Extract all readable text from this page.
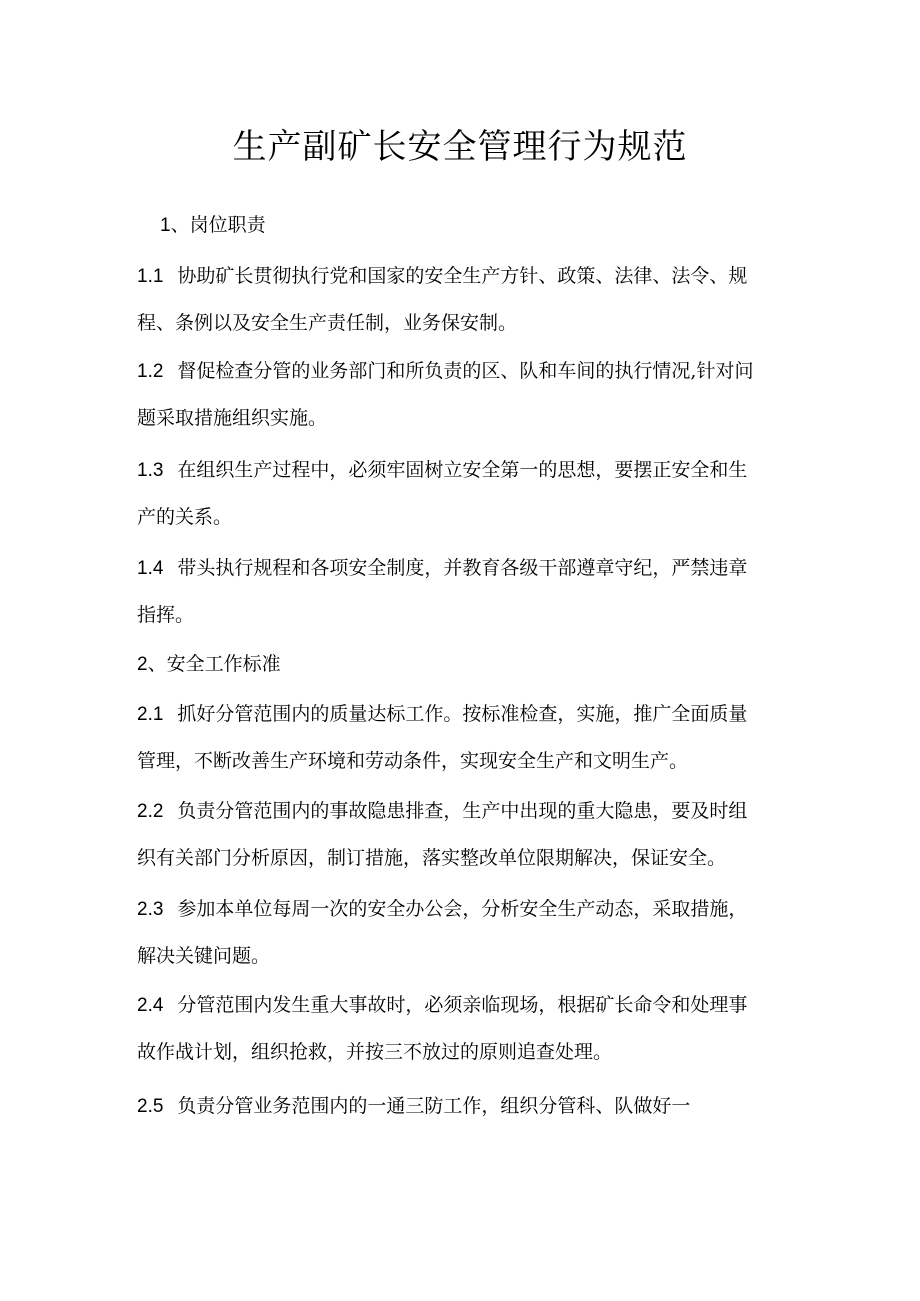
生产副矿长安全管理行为规范
1、岗位职责
1.1 协助矿长贯彻执行党和国家的安全生产方针、政策、法律、法令、规
程、条例以及安全生产责任制，业务保安制。
1.2 督促检查分管的业务部门和所负责的区、队和车间的执行情况,针对问
题采取措施组织实施。
1.3 在组织生产过程中，必须牢固树立安全第一的思想，要摆正安全和生
产的关系。
1.4 带头执行规程和各项安全制度，并教育各级干部遵章守纪，严禁违章
指挥。
2、安全工作标准
2.1 抓好分管范围内的质量达标工作。按标准检查，实施，推广全面质量
管理，不断改善生产环境和劳动条件，实现安全生产和文明生产。
2.2 负责分管范围内的事故隐患排查，生产中出现的重大隐患，要及时组
织有关部门分析原因，制订措施，落实整改单位限期解决，保证安全。
2.3 参加本单位每周一次的安全办公会，分析安全生产动态，采取措施，
解决关键问题。
2.4 分管范围内发生重大事故时，必须亲临现场，根据矿长命令和处理事
故作战计划，组织抢救，并按三不放过的原则追查处理。
2.5 负责分管业务范围内的一通三防工作，组织分管科、队做好一
